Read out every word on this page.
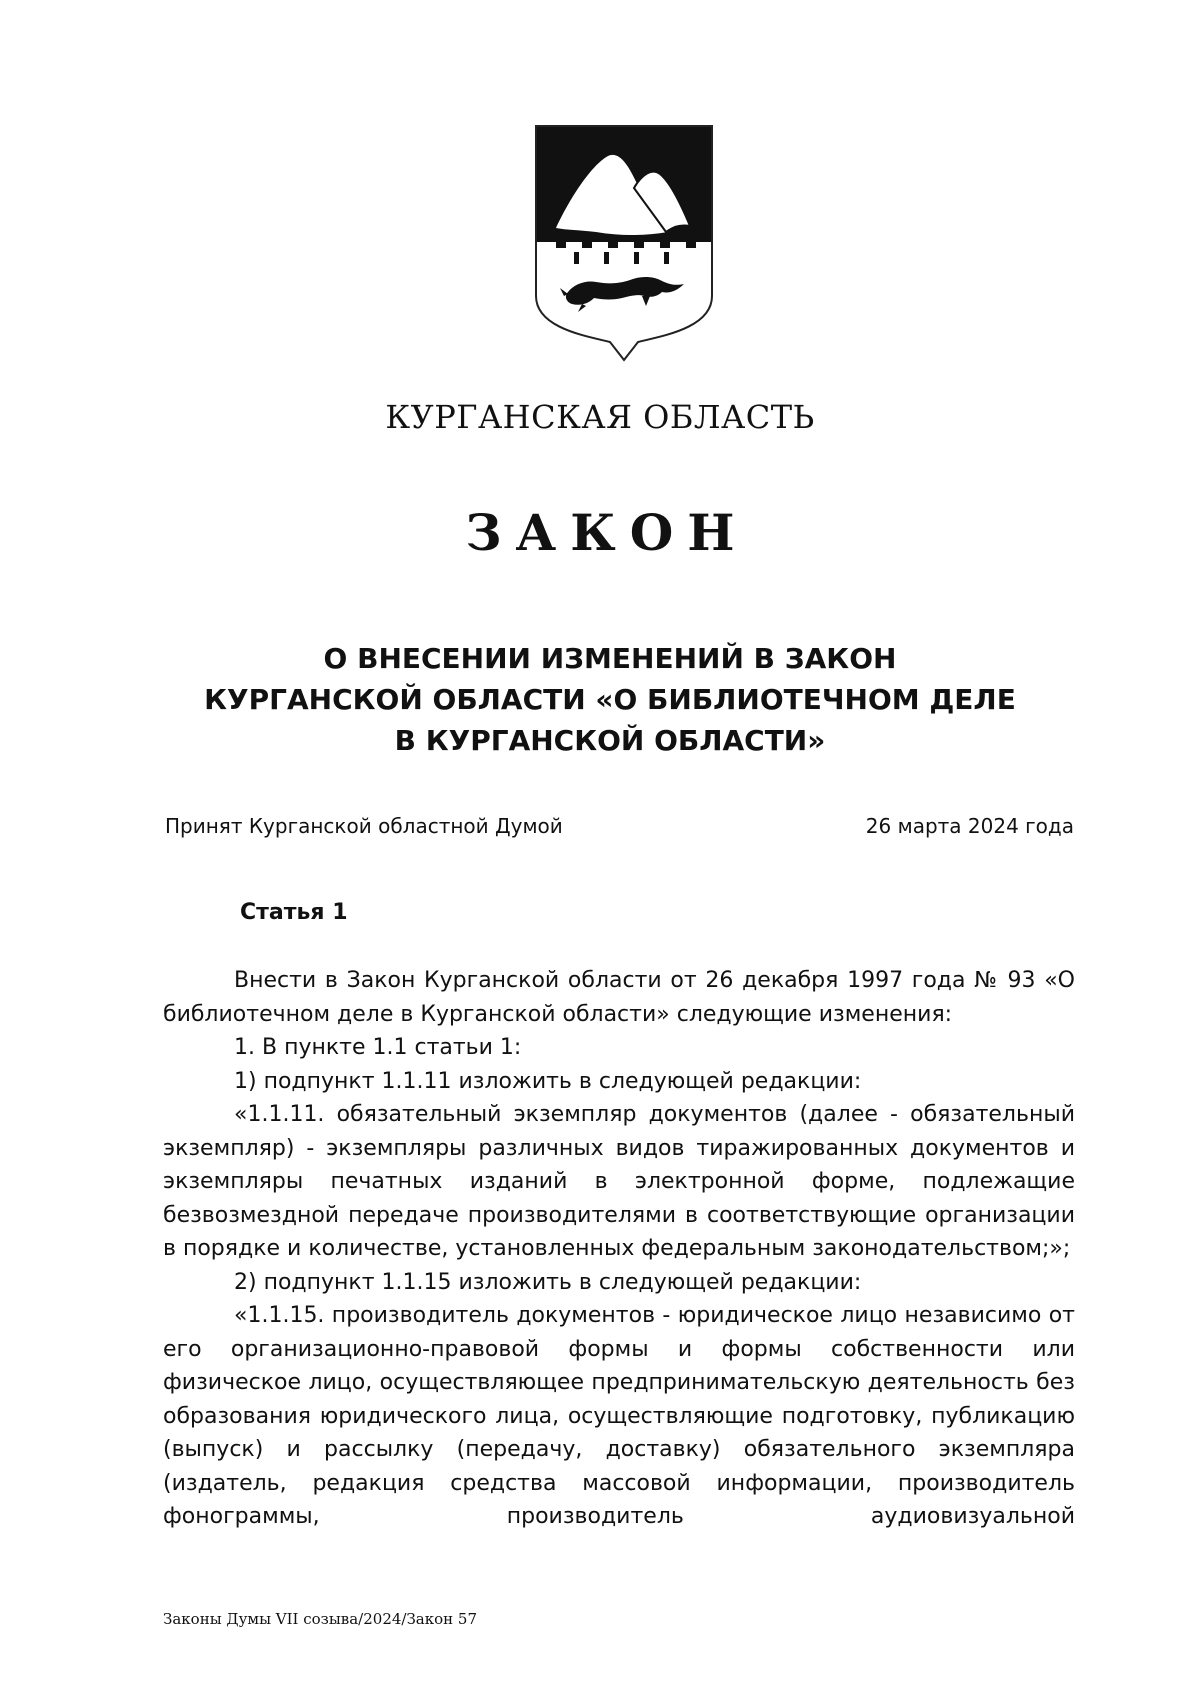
КУРГАНСКАЯ ОБЛАСТЬ
ЗАКОН
О ВНЕСЕНИИ ИЗМЕНЕНИЙ В ЗАКОН
КУРГАНСКОЙ ОБЛАСТИ «О БИБЛИОТЕЧНОМ ДЕЛЕ
В КУРГАНСКОЙ ОБЛАСТИ»
Принят Курганской областной Думой	26 марта 2024 года
Статья 1

Внести в Закон Курганской области от 26 декабря 1997 года № 93 «О библиотечном деле в Курганской области» следующие изменения:

1. В пункте 1.1 статьи 1:

1) подпункт 1.1.11 изложить в следующей редакции:

«1.1.11. обязательный экземпляр документов (далее - обязательный экземпляр) - экземпляры различных видов тиражированных документов и экземпляры печатных изданий в электронной форме, подлежащие безвозмездной передаче производителями в соответствующие организации в порядке и количестве, установленных федеральным законодательством;»;

2) подпункт 1.1.15 изложить в следующей редакции:

«1.1.15. производитель документов - юридическое лицо независимо от его организационно-правовой формы и формы собственности или физическое лицо, осуществляющее предпринимательскую деятельность без образования юридического лица, осуществляющие подготовку, публикацию (выпуск) и рассылку (передачу, доставку) обязательного экземпляра (издатель, редакция средства массовой информации, производитель фонограммы, производитель аудиовизуальной

Законы Думы VII созыва/2024/Закон 57
